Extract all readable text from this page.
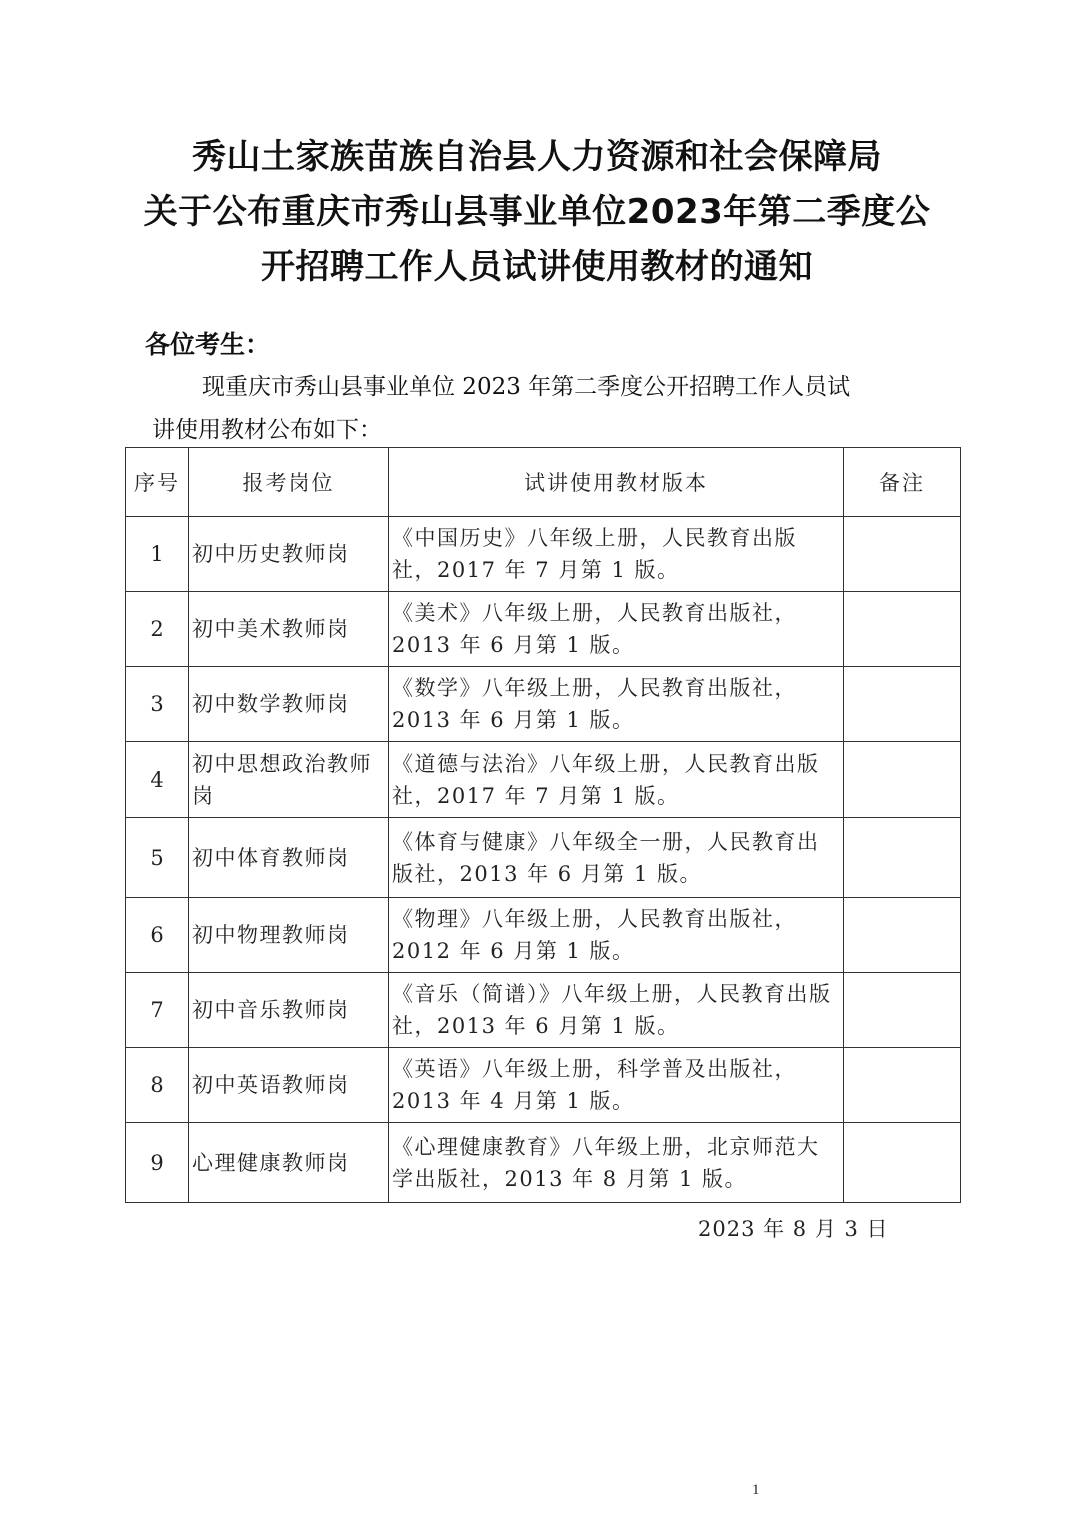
秀山土家族苗族自治县人力资源和社会保障局
关于公布重庆市秀山县事业单位2023年第二季度公
开招聘工作人员试讲使用教材的通知
各位考生：
现重庆市秀山县事业单位 2023 年第二季度公开招聘工作人员试
讲使用教材公布如下：
序号	报考岗位	试讲使用教材版本	备注
1	初中历史教师岗	《中国历史》八年级上册，人民教育出版社，2017 年 7 月第 1 版。	
2	初中美术教师岗	《美术》八年级上册，人民教育出版社，2013 年 6 月第 1 版。	
3	初中数学教师岗	《数学》八年级上册，人民教育出版社，2013 年 6 月第 1 版。	
4	初中思想政治教师岗	《道德与法治》八年级上册，人民教育出版社，2017 年 7 月第 1 版。	
5	初中体育教师岗	《体育与健康》八年级全一册，人民教育出版社，2013 年 6 月第 1 版。	
6	初中物理教师岗	《物理》八年级上册，人民教育出版社，2012 年 6 月第 1 版。	
7	初中音乐教师岗	《音乐（简谱）》八年级上册，人民教育出版社，2013 年 6 月第 1 版。	
8	初中英语教师岗	《英语》八年级上册，科学普及出版社，2013 年 4 月第 1 版。	
9	心理健康教师岗	《心理健康教育》八年级上册，北京师范大学出版社，2013 年 8 月第 1 版。	
2023 年 8 月 3 日
1
